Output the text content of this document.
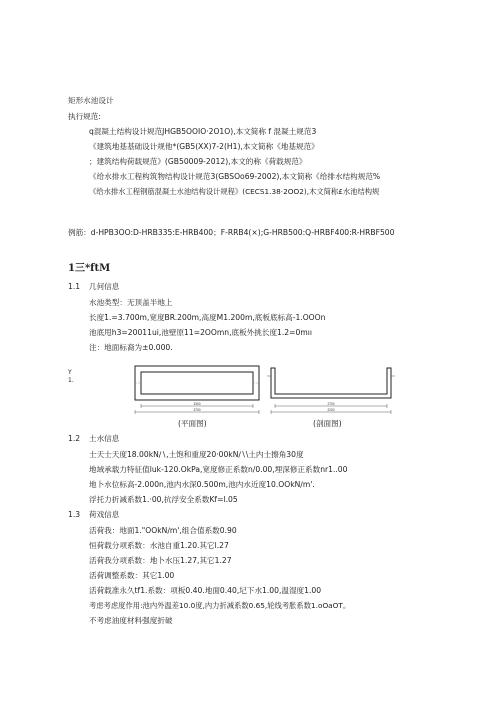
矩形水池设计
执行规范:
q混凝土结构设计规范JHGB5OOIO·2O1O),本文简称 f 混凝土规范3
《建筑地基基础设计规他*(GB5(XX)7-2(H1),本文简称《地基规范》
；建筑结构荷载规范》(GB50009-2012),本文的称《荷载规范》
《给水排水工程构筑物结构设计规范3(GBSOo69-2002),本文简称《给排水结构规范%
《给水排水工程钢筋混凝土水池结构设计规程》(CECS1.38·2OO2),木文简称£水池结构规
例筋：d-HPB3OO:D-HRB335:E-HRB400；F-RRB4(×);G-HRB500:Q-HRBF400:R-HRBF500
1三*ftM
1.1 几何信息
水池类型：无顶盖半地上
长度1.=3.700m,宽度BR.200m,高度M1.200m,底板底标高-1.OOOn
池底甩h3=20011ui,池壁原11=2OOmn,底板外挑长度1.2=0mıı
注：地面标裔为±0.000.
Y
1.
3300
3700
2700
2200
(平面图)	(剖面图)
1.2 土水信息
士天士天度18.00kN∕∖,土饱和重度20·00kN∕∖\土内士擦角30度
地域承载力特征值luk-120.OkPa,宽度修正系数n/0.00,埋深修正系数nr1..00
地卜水位标高-2.000n,池内水深0.500m,池内水近度10.OOkN∕m'.
浮托力折减系数1.·00,抗浮安全系数Kf=l.05
1.3 荷戏信息
活荷我：地面1."OOkN∕m',组合值系数0.90
恒荷载分项系数：水池自重1.20.其它l.27
活荷我分项系数：地卜水压1.27,其它1.27
活荷调整系数：其它1.00
活荷载准永久tf1.系数：项板0.40.地面0.40,圮下水1.00,温湿度1.00
考虑考虑度作用:池内外温差10.0度,内力折减系数0.65,轮线考胀系数1.oOaOT。
不考虑油度材料强度折破
